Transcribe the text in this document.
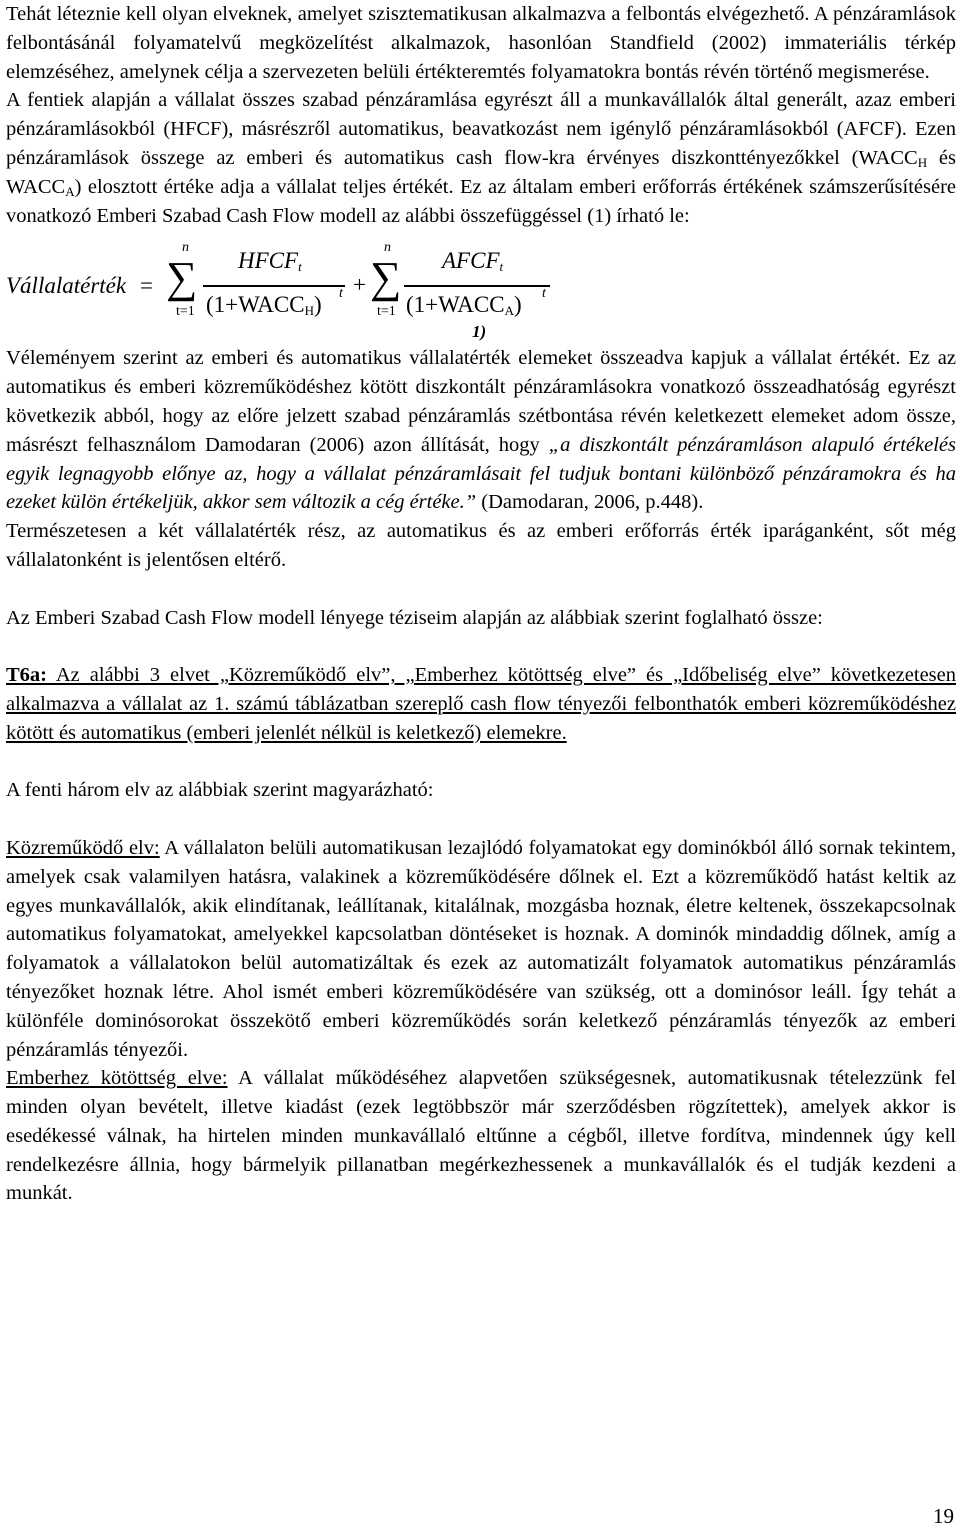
Tehát léteznie kell olyan elveknek, amelyet szisztematikusan alkalmazva a felbontás elvégezhető. A pénzáramlások felbontásánál folyamatelvű megközelítést alkalmazok, hasonlóan Standfield (2002) immateriális térkép elemzéséhez, amelynek célja a szervezeten belüli értékteremtés folyamatokra bontás révén történő megismerése.

A fentiek alapján a vállalat összes szabad pénzáramlása egyrészt áll a munkavállalók által generált, azaz emberi pénzáramlásokból (HFCF), másrészről automatikus, beavatkozást nem igénylő pénzáramlásokból (AFCF). Ezen pénzáramlások összege az emberi és automatikus cash flow-kra érvényes diszkonttényezőkkel ($WACC_H$ és $WACC_A$) elosztott értéke adja a vállalat teljes értékét. Ez az általam emberi erőforrás értékének számszerűsítésére vonatkozó Emberi Szabad Cash Flow modell az alábbi összefüggéssel (1) írható le:

Vállalatérték =
n
∑
t=1
$HFCF_t$
$(1+WACC_H) t$ +
n
∑
t=1
$AFCF_t$
$(1+WACC_A)$ t
1)

Véleményem szerint az emberi és automatikus vállalatérték elemeket összeadva kapjuk a vállalat értékét. Ez az automatikus és emberi közreműködéshez kötött diszkontált pénzáramlásokra vonatkozó összeadhatóság egyrészt következik abból, hogy az előre jelzett szabad pénzáramlás szétbontása révén keletkezett elemeket adom össze, másrészt felhasználom Damodaran (2006) azon állítását, hogy „a diszkontált pénzáramláson alapuló értékelés egyik legnagyobb előnye az, hogy a vállalat pénzáramlásait fel tudjuk bontani különböző pénzáramokra és ha ezeket külön értékeljük, akkor sem változik a cég értéke.” (Damodaran, 2006, p.448).

Természetesen a két vállalatérték rész, az automatikus és az emberi erőforrás érték iparáganként, sőt még vállalatonként is jelentősen eltérő.

Az Emberi Szabad Cash Flow modell lényege téziseim alapján az alábbiak szerint foglalható össze:

T6a: Az alábbi 3 elvet „Közreműködő elv”, „Emberhez kötöttség elve” és „Időbeliség elve” következetesen alkalmazva a vállalat az 1. számú táblázatban szereplő cash flow tényezői felbonthatók emberi közreműködéshez kötött és automatikus (emberi jelenlét nélkül is keletkező) elemekre.

A fenti három elv az alábbiak szerint magyarázható:

Közreműködő elv: A vállalaton belüli automatikusan lezajlódó folyamatokat egy dominókból álló sornak tekintem, amelyek csak valamilyen hatásra, valakinek a közreműködésére dőlnek el. Ezt a közreműködő hatást keltik az egyes munkavállalók, akik elindítanak, leállítanak, kitalálnak, mozgásba hoznak, életre keltenek, összekapcsolnak automatikus folyamatokat, amelyekkel kapcsolatban döntéseket is hoznak. A dominók mindaddig dőlnek, amíg a folyamatok a vállalatokon belül automatizáltak és ezek az automatizált folyamatok automatikus pénzáramlás tényezőket hoznak létre. Ahol ismét emberi közreműködésére van szükség, ott a dominósor leáll. Így tehát a különféle dominósorokat összekötő emberi közreműködés során keletkező pénzáramlás tényezők az emberi pénzáramlás tényezői.

Emberhez kötöttség elve: A vállalat működéséhez alapvetően szükségesnek, automatikusnak tételezzünk fel minden olyan bevételt, illetve kiadást (ezek legtöbbször már szerződésben rögzítettek), amelyek akkor is esedékessé válnak, ha hirtelen minden munkavállaló eltűnne a cégből, illetve fordítva, mindennek úgy kell rendelkezésre állnia, hogy bármelyik pillanatban megérkezhessenek a munkavállalók és el tudják kezdeni a munkát.

19
